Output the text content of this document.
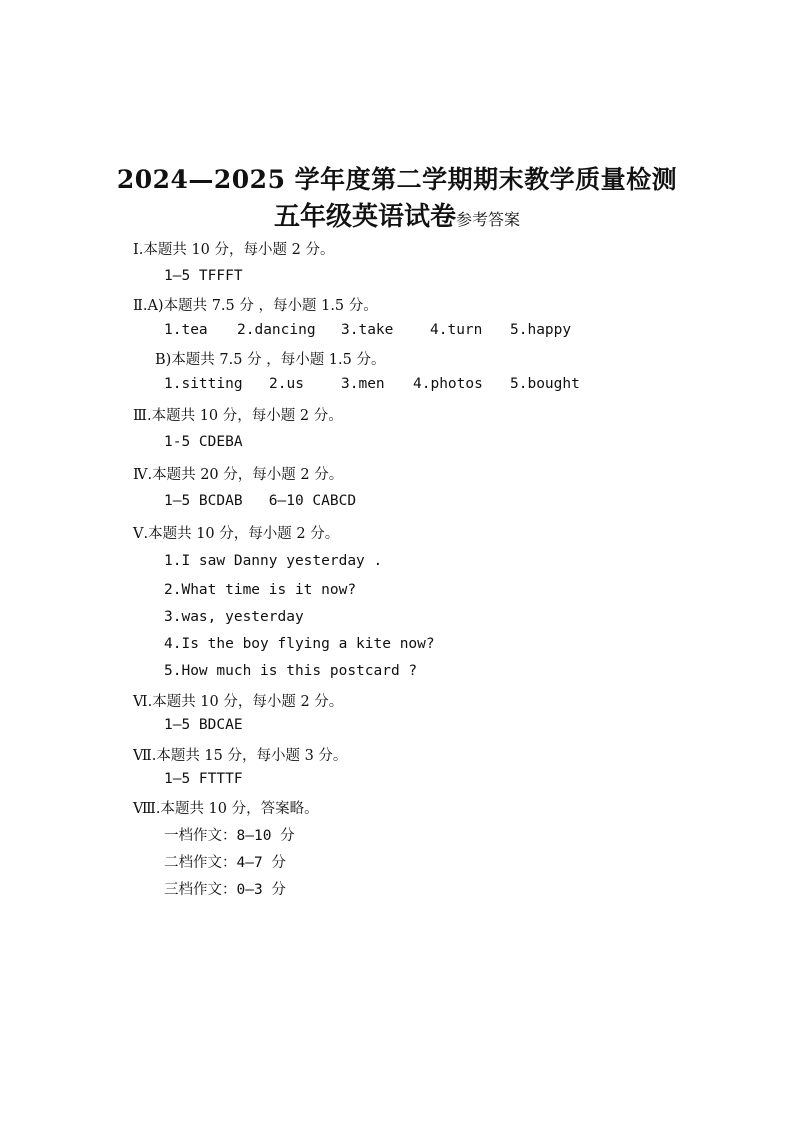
2024—2025 学年度第二学期期末教学质量检测
五年级英语试卷参考答案
Ⅰ.本题共 10 分，每小题 2 分。
1—5 TFFFT
Ⅱ.A)本题共 7.5 分 ，每小题 1.5 分。
1.tea 2.dancing 3.take	4.turn 5.happy
B)本题共 7.5 分 ，每小题 1.5 分。
1.sitting 2.us	3.men 4.photos 5.bought
Ⅲ.本题共 10 分，每小题 2 分。
1-5 CDEBA
Ⅳ.本题共 20 分，每小题 2 分。
1—5 BCDAB   6—10 CABCD
Ⅴ.本题共 10 分，每小题 2 分。
1.I saw Danny yesterday .
2.What time is it now?
3.was, yesterday
4.Is the boy flying a kite now?
5.How much is this postcard ?
Ⅵ.本题共 10 分，每小题 2 分。
1—5 BDCAE
Ⅶ.本题共 15 分，每小题 3 分。
1—5 FTTTF
Ⅷ.本题共 10 分，答案略。
一档作文：8—10 分
二档作文：4—7 分
三档作文：0—3 分
